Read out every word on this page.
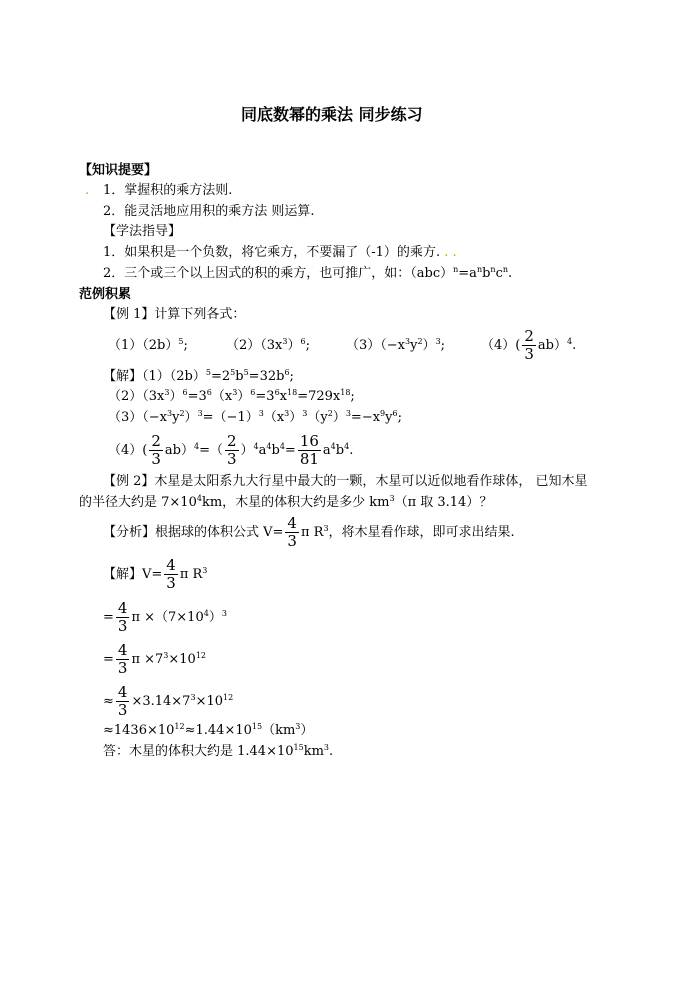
同底数幂的乘法 同步练习
【知识提要】
. 1．掌握积的乘方法则.
2．能灵活地应用积的乘方法 则运算.
【学法指导】
1．如果积是一个负数，将它乘方，不要漏了（-1）的乘方. . .
2．三个或三个以上因式的积的乘方，也可推广，如：$(abc)^n=a^nb^nc^n$.
范例积累
【例 1】计算下列各式：
$(1)(2b)^5$;	$(2)(3x^3)^6$;	$(3)(-x^3y^2)^3$;	$(4)( \frac{2}{3} ab)^4$.
【解】$(1)(2b)^5=2^5b^5=32b^6$;
$(2)(3x^3)^6=3^6(x^3)^6=3^6x^{18}=729x^{18}$;
$(3)(-x^3y^2)^3=(-1)^3(x^3)^3(y^2)^3=-x^9y^6$;
$(4)( \frac{2}{3} ab)^4=( \frac{2}{3} )^4a^4b^4= \frac{16}{81} a^4b^4$.
【例 2】木星是太阳系九大行星中最大的一颗，木星可以近似地看作球体， 已知木星
的半径大约是 $7\times 10^4km$，木星的体积大约是多少 $km^3(\pi$ 取 3.14）？
【分析】根据球的体积公式 $V= \frac{4}{3}$ π $R^3$，将木星看作球，即可求出结果.
【解】$V= \frac{4}{3}$ π $R^3$
= $\frac{4}{3}$ $\pi \times(7\times 10^4)^3$
= $\frac{4}{3}$ $\pi \times 7^3\times 10^{12}$
≈ $\frac{4}{3} \times 3.14\times 7^3\times 10^{12}$
$\approx 1436\times 10^{12}\approx 1.44\times 10^{15}(km^3)$
答：木星的体积大约是 $1.44\times 10^{15}km^3$.
